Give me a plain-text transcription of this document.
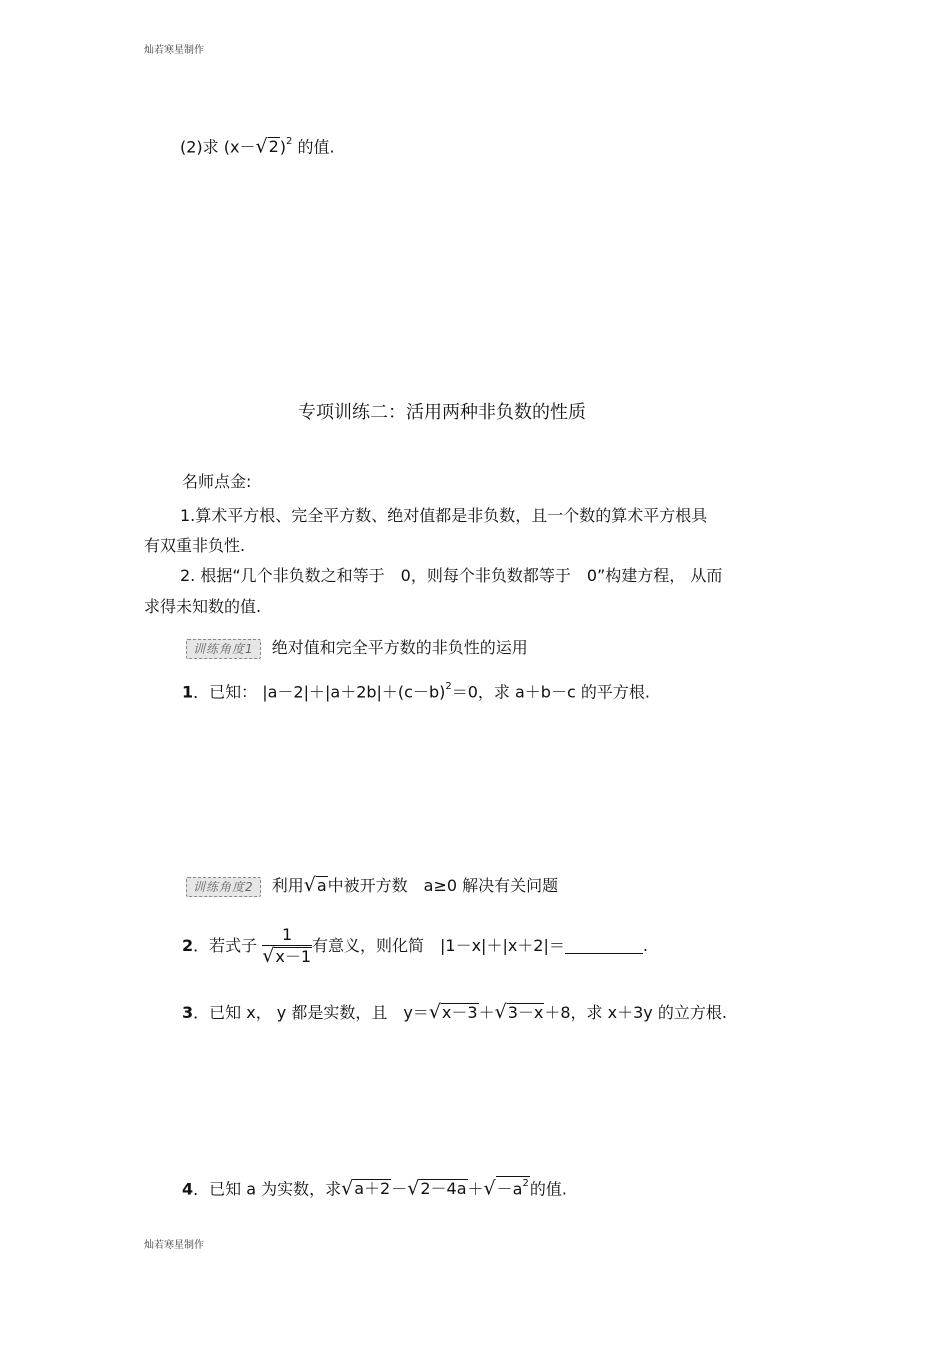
灿若寒星制作
(2)求 $(x-√2)^2$ 的值.
专项训练二：活用两种非负数的性质
名师点金:
1.算术平方根、完全平方数、绝对值都是非负数，且一个数的算术平方根具
有双重非负性.
2. 根据“几个非负数之和等于　0，则每个非负数都等于　0”构建方程， 从而
求得未知数的值.
训练角度1 绝对值和完全平方数的非负性的运用
1．已知： $|a-2|+|a+2b|+(c-b)^2=0$，求 a＋b－c 的平方根.
训练角度2 利用√a中被开方数　a≥0 解决有关问题
2．若式子 $\frac{1}{√x-1}$ 有意义，则化简　|1－x|＋|x＋2|＝	.
3．已知 x， y 都是实数，且　y＝√x－3＋√3－x＋8，求 x＋3y 的立方根.
4．已知 a 为实数，求$√a+2-√2-4a+√-a^2$的值.
灿若寒星制作
